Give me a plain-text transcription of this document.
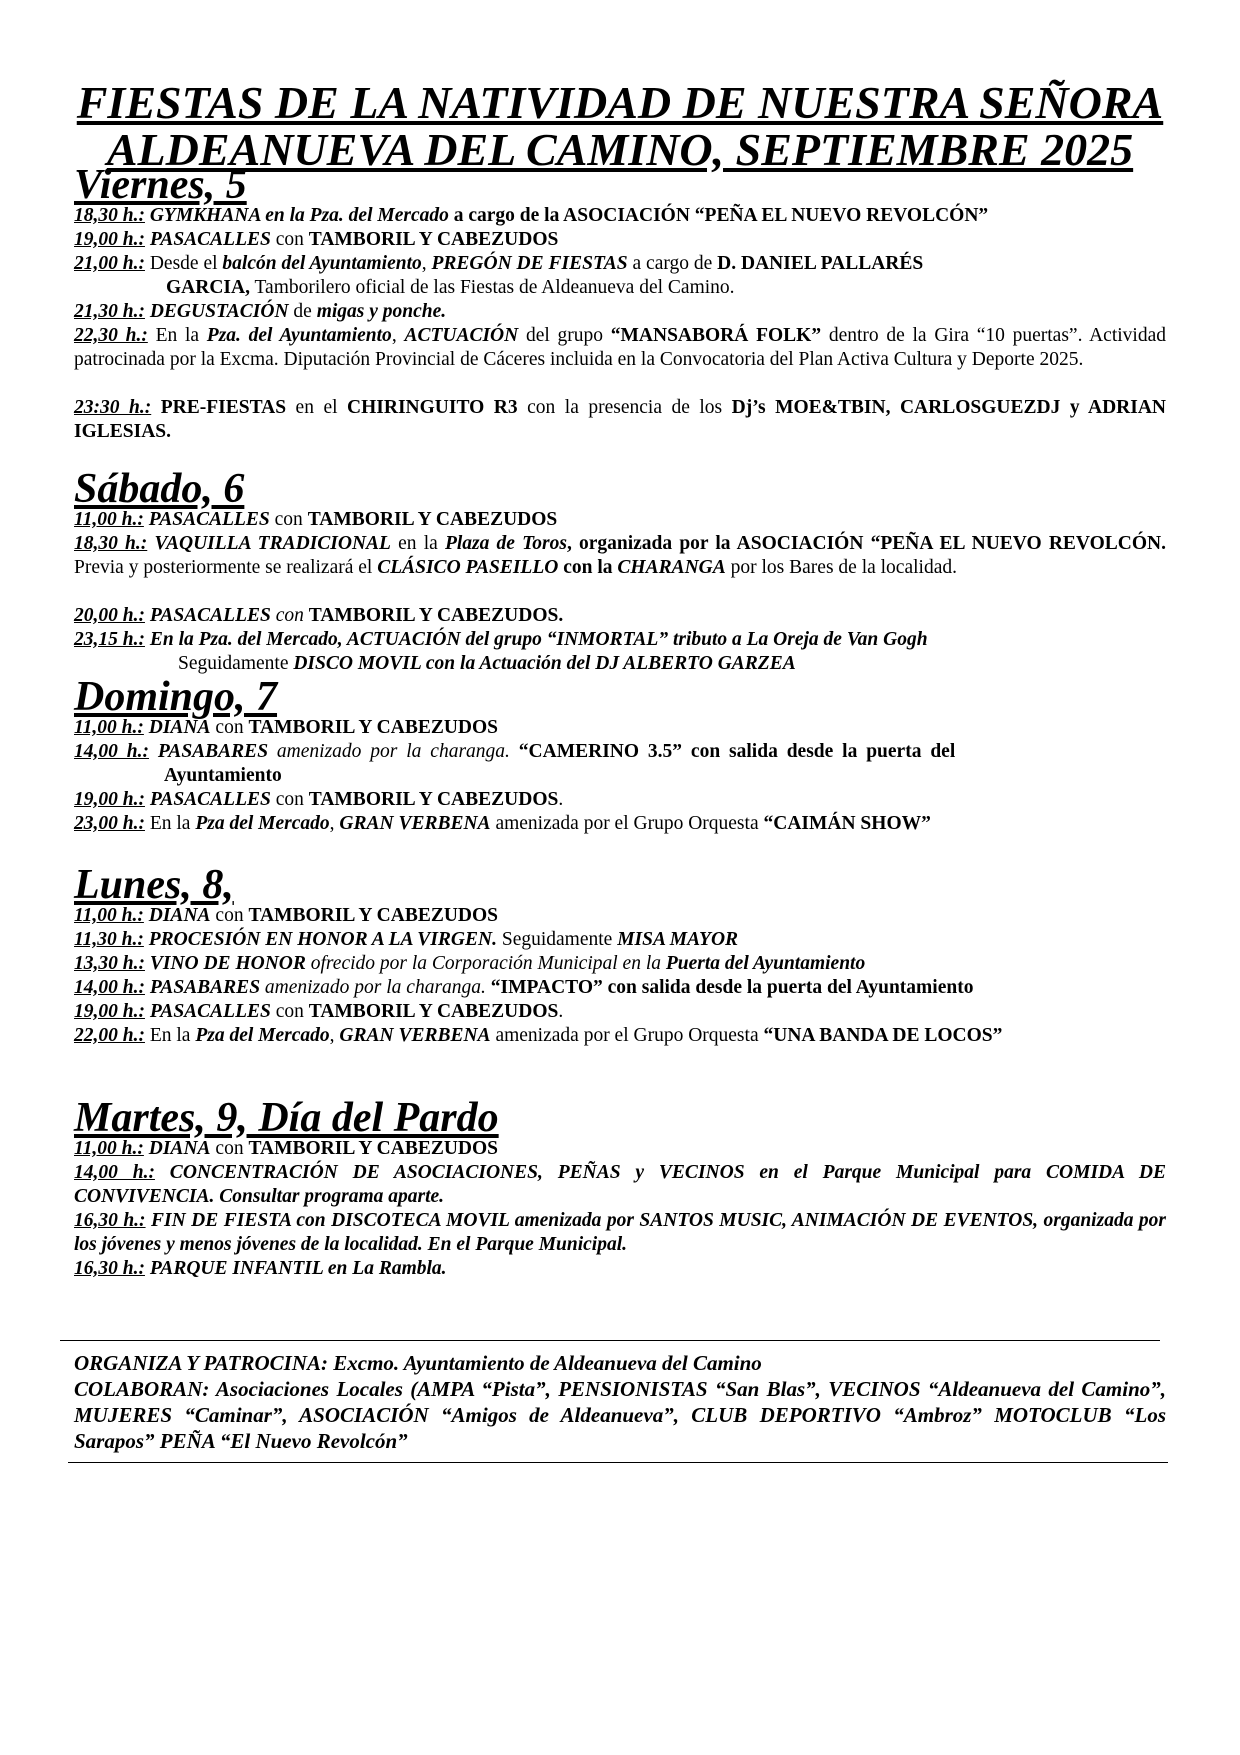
FIESTAS DE LA NATIVIDAD DE NUESTRA SEÑORA
ALDEANUEVA DEL CAMINO, SEPTIEMBRE 2025
Viernes, 5
18,30 h.: GYMKHANA en la Pza. del Mercado a cargo de la ASOCIACIÓN “PEÑA EL NUEVO REVOLCÓN”
19,00 h.: PASACALLES con TAMBORIL Y CABEZUDOS
21,00 h.: Desde el balcón del Ayuntamiento, PREGÓN DE FIESTAS a cargo de D. DANIEL PALLARÉS
GARCIA, Tamborilero oficial de las Fiestas de Aldeanueva del Camino.
21,30 h.: DEGUSTACIÓN de migas y ponche.
22,30 h.: En la Pza. del Ayuntamiento, ACTUACIÓN del grupo “MANSABORÁ FOLK” dentro de la Gira “10 puertas”. Actividad patrocinada por la Excma. Diputación Provincial de Cáceres incluida en la Convocatoria del Plan Activa Cultura y Deporte 2025.
23:30 h.: PRE-FIESTAS en el CHIRINGUITO R3 con la presencia de los Dj’s MOE&TBIN, CARLOSGUEZDJ y ADRIAN IGLESIAS.
Sábado, 6
11,00 h.: PASACALLES con TAMBORIL Y CABEZUDOS
18,30 h.: VAQUILLA TRADICIONAL en la Plaza de Toros, organizada por la ASOCIACIÓN “PEÑA EL NUEVO REVOLCÓN. Previa y posteriormente se realizará el CLÁSICO PASEILLO con la CHARANGA por los Bares de la localidad.
20,00 h.: PASACALLES con TAMBORIL Y CABEZUDOS.
23,15 h.: En la Pza. del Mercado, ACTUACIÓN del grupo “INMORTAL” tributo a La Oreja de Van Gogh
Seguidamente DISCO MOVIL con la Actuación del DJ ALBERTO GARZEA
Domingo, 7
11,00 h.: DIANA con TAMBORIL Y CABEZUDOS
14,00 h.: PASABARES amenizado por la charanga. “CAMERINO 3.5” con salida desde la puerta del
Ayuntamiento
19,00 h.: PASACALLES con TAMBORIL Y CABEZUDOS.
23,00 h.: En la Pza del Mercado, GRAN VERBENA amenizada por el Grupo Orquesta “CAIMÁN SHOW”
Lunes, 8,
11,00 h.: DIANA con TAMBORIL Y CABEZUDOS
11,30 h.: PROCESIÓN EN HONOR A LA VIRGEN. Seguidamente MISA MAYOR
13,30 h.: VINO DE HONOR ofrecido por la Corporación Municipal en la Puerta del Ayuntamiento
14,00 h.: PASABARES amenizado por la charanga. “IMPACTO” con salida desde la puerta del Ayuntamiento
19,00 h.: PASACALLES con TAMBORIL Y CABEZUDOS.
22,00 h.: En la Pza del Mercado, GRAN VERBENA amenizada por el Grupo Orquesta “UNA BANDA DE LOCOS”
Martes, 9, Día del Pardo
11,00 h.: DIANA con TAMBORIL Y CABEZUDOS
14,00 h.: CONCENTRACIÓN DE ASOCIACIONES, PEÑAS y VECINOS en el Parque Municipal para COMIDA DE CONVIVENCIA. Consultar programa aparte.
16,30 h.: FIN DE FIESTA con DISCOTECA MOVIL amenizada por SANTOS MUSIC, ANIMACIÓN DE EVENTOS, organizada por los jóvenes y menos jóvenes de la localidad. En el Parque Municipal.
16,30 h.: PARQUE INFANTIL en La Rambla.
ORGANIZA Y PATROCINA: Excmo. Ayuntamiento de Aldeanueva del Camino
COLABORAN: Asociaciones Locales (AMPA “Pista”, PENSIONISTAS “San Blas”, VECINOS “Aldeanueva del Camino”, MUJERES “Caminar”, ASOCIACIÓN “Amigos de Aldeanueva”, CLUB DEPORTIVO “Ambroz” MOTOCLUB “Los Sarapos” PEÑA “El Nuevo Revolcón”
